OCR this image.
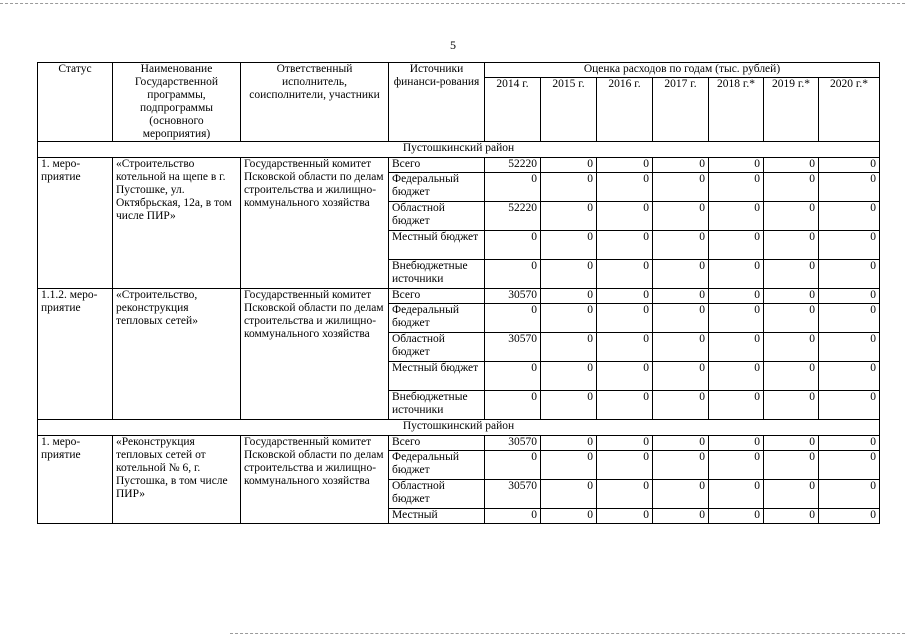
5
Статус	Наименование Государственной программы, подпрограммы (основного мероприятия)	Ответственный исполнитель, соисполнители, участники	Источники финанси-рования	Оценка расходов по годам (тыс. рублей)						
				2014 г.	2015 г.	2016 г.	2017 г.	2018 г.*	2019 г.*	2020 г.*
Пустошкинский район										
1. меро-приятие	«Строительство котельной на щепе в г. Пустошке, ул. Октябрьская, 12а, в том числе ПИР»	Государственный комитет Псковской области по делам строительства и жилищно-коммунального хозяйства	Всего	52220	0	0	0	0	0	0
			Федеральный бюджет	0	0	0	0	0	0	0
			Областной бюджет	52220	0	0	0	0	0	0
			Местный бюджет	0	0	0	0	0	0	0
			Внебюджетные источники	0	0	0	0	0	0	0
1.1.2. меро-приятие	«Строительство, реконструкция тепловых сетей»	Государственный комитет Псковской области по делам строительства и жилищно-коммунального хозяйства	Всего	30570	0	0	0	0	0	0
			Федеральный бюджет	0	0	0	0	0	0	0
			Областной бюджет	30570	0	0	0	0	0	0
			Местный бюджет	0	0	0	0	0	0	0
			Внебюджетные источники	0	0	0	0	0	0	0
Пустошкинский район										
1. меро-приятие	«Реконструкция тепловых сетей от котельной № 6, г. Пустошка, в том числе ПИР»	Государственный комитет Псковской области по делам строительства и жилищно-коммунального хозяйства	Всего	30570	0	0	0	0	0	0
			Федеральный бюджет	0	0	0	0	0	0	0
			Областной бюджет	30570	0	0	0	0	0	0
			Местный	0	0	0	0	0	0	0
